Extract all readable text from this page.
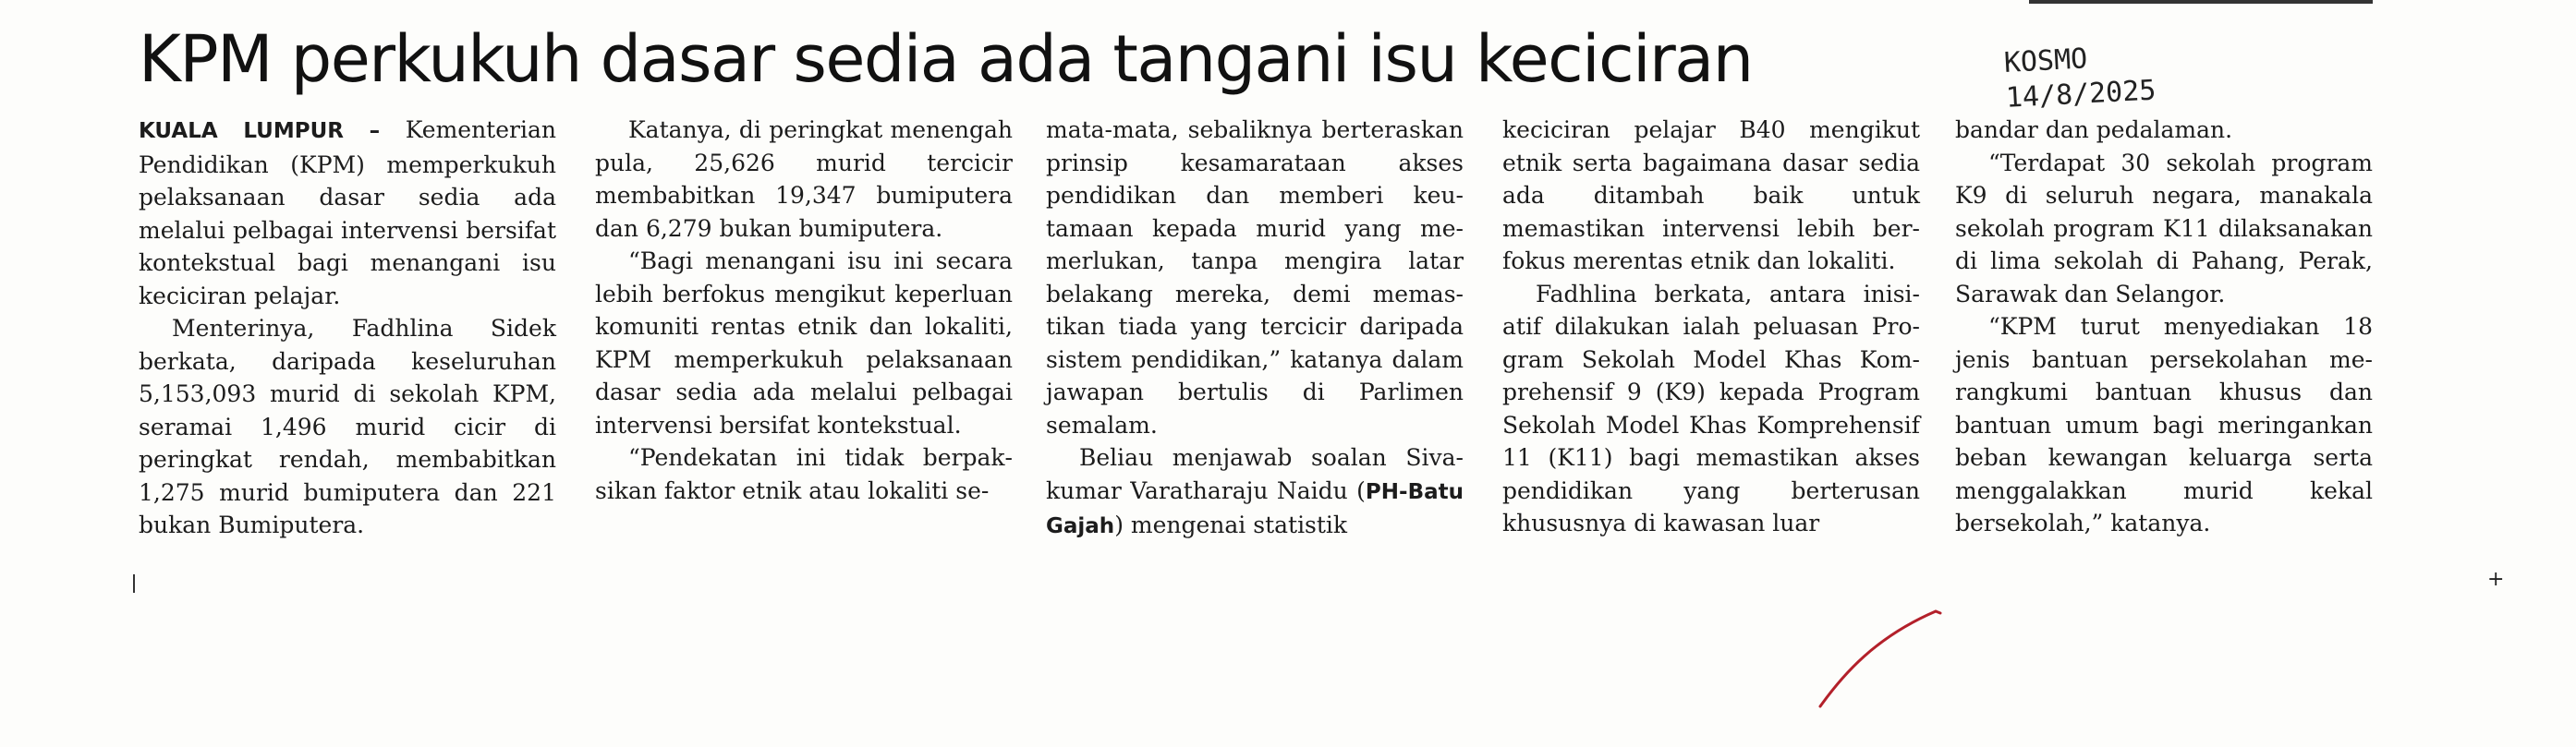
KPM perkukuh dasar sedia ada tangani isu keciciran	KOSMO
14/8/2025

KUALA LUMPUR – Kementerian Pendidikan (KPM) memperkukuh pelaksanaan dasar sedia ada melalui pelbagai intervensi bersifat kontekstual bagi menangani isu keciciran pelajar.

Menterinya, Fadhlina Sidek berkata, daripada keseluruhan 5,153,093 murid di sekolah KPM, seramai 1,496 murid cicir di peringkat rendah, membabitkan 1,275 murid bumiputera dan 221 bukan Bumiputera.

Katanya, di peringkat menengah pula, 25,626 murid tercicir membabitkan 19,347 bumiputera dan 6,279 bukan bumiputera.

“Bagi menangani isu ini secara lebih berfokus mengikut keperluan komuniti rentas etnik dan lokaliti, KPM memperkukuh pelaksanaan dasar sedia ada melalui pelbagai intervensi bersifat kontekstual.

“Pendekatan ini tidak berpaksikan faktor etnik atau lokaliti se-

mata-mata, sebaliknya berteraskan prinsip kesamarataan akses pendidikan dan memberi keutamaan kepada murid yang memerlukan, tanpa mengira latar belakang mereka, demi memastikan tiada yang tercicir daripada sistem pendidikan,” katanya dalam jawapan bertulis di Parlimen semalam.

Beliau menjawab soalan Sivakumar Varatharaju Naidu (PH-Batu Gajah) mengenai statistik

keciciran pelajar B40 mengikut etnik serta bagaimana dasar sedia ada ditambah baik untuk memastikan intervensi lebih berfokus merentas etnik dan lokaliti.

Fadhlina berkata, antara inisiatif dilakukan ialah peluasan Program Sekolah Model Khas Komprehensif 9 (K9) kepada Program Sekolah Model Khas Komprehensif 11 (K11) bagi memastikan akses pendidikan yang berterusan khususnya di kawasan luar

bandar dan pedalaman.

“Terdapat 30 sekolah program K9 di seluruh negara, manakala sekolah program K11 dilaksanakan di lima sekolah di Pahang, Perak, Sarawak dan Selangor.

“KPM turut menyediakan 18 jenis bantuan persekolahan merangkumi bantuan khusus dan bantuan umum bagi meringankan beban kewangan keluarga serta menggalakkan murid kekal bersekolah,” katanya.

+
